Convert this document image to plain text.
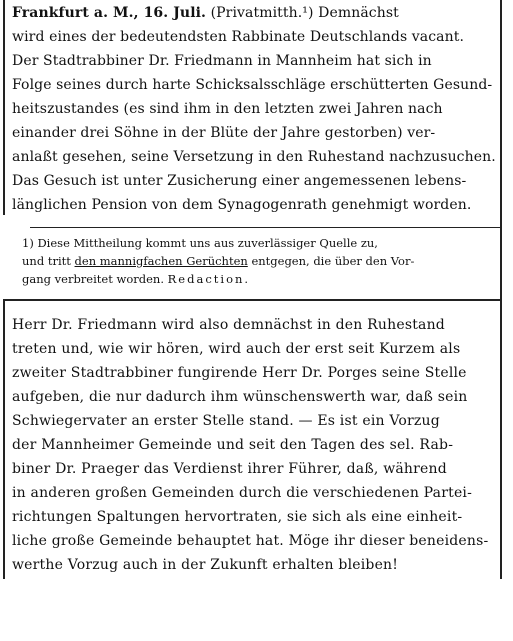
Frankfurt a. M., 16. Juli. (Privatmitth.¹) Demnächst
wird eines der bedeutendsten Rabbinate Deutschlands vacant.
Der Stadtrabbiner Dr. Friedmann in Mannheim hat sich in
Folge seines durch harte Schicksalsschläge erschütterten Gesund-
heitszustandes (es sind ihm in den letzten zwei Jahren nach
einander drei Söhne in der Blüte der Jahre gestorben) ver-
anlaßt gesehen, seine Versetzung in den Ruhestand nachzusuchen.
Das Gesuch ist unter Zusicherung einer angemessenen lebens-
länglichen Pension von dem Synagogenrath genehmigt worden.
1) Diese Mittheilung kommt uns aus zuverlässiger Quelle zu,
und tritt den mannigfachen Gerüchten entgegen, die über den Vor-
gang verbreitet worden. Redaction.
Herr Dr. Friedmann wird also demnächst in den Ruhestand
treten und, wie wir hören, wird auch der erst seit Kurzem als
zweiter Stadtrabbiner fungirende Herr Dr. Porges seine Stelle
aufgeben, die nur dadurch ihm wünschenswerth war, daß sein
Schwiegervater an erster Stelle stand. — Es ist ein Vorzug
der Mannheimer Gemeinde und seit den Tagen des sel. Rab-
biner Dr. Praeger das Verdienst ihrer Führer, daß, während
in anderen großen Gemeinden durch die verschiedenen Partei-
richtungen Spaltungen hervortraten, sie sich als eine einheit-
liche große Gemeinde behauptet hat. Möge ihr dieser beneidens-
werthe Vorzug auch in der Zukunft erhalten bleiben!
